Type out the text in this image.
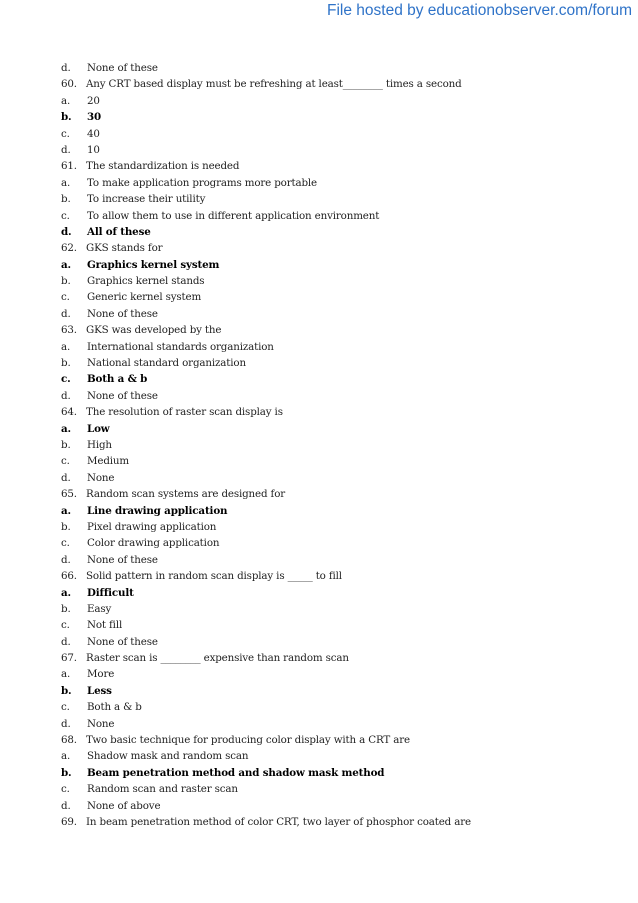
File hosted by educationobserver.com/forum
d. None of these
60. Any CRT based display must be refreshing at least________ times a second
a. 20
b. 30
c. 40
d. 10
61. The standardization is needed
a. To make application programs more portable
b. To increase their utility
c. To allow them to use in different application environment
d. All of these
62. GKS stands for
a. Graphics kernel system
b. Graphics kernel stands
c. Generic kernel system
d. None of these
63. GKS was developed by the
a. International standards organization
b. National standard organization
c. Both a & b
d. None of these
64. The resolution of raster scan display is
a. Low
b. High
c. Medium
d. None
65. Random scan systems are designed for
a. Line drawing application
b. Pixel drawing application
c. Color drawing application
d. None of these
66. Solid pattern in random scan display is _____ to fill
a. Difficult
b. Easy
c. Not fill
d. None of these
67. Raster scan is ________ expensive than random scan
a. More
b. Less
c. Both a & b
d. None
68. Two basic technique for producing color display with a CRT are
a. Shadow mask and random scan
b. Beam penetration method and shadow mask method
c. Random scan and raster scan
d. None of above
69. In beam penetration method of color CRT, two layer of phosphor coated are
